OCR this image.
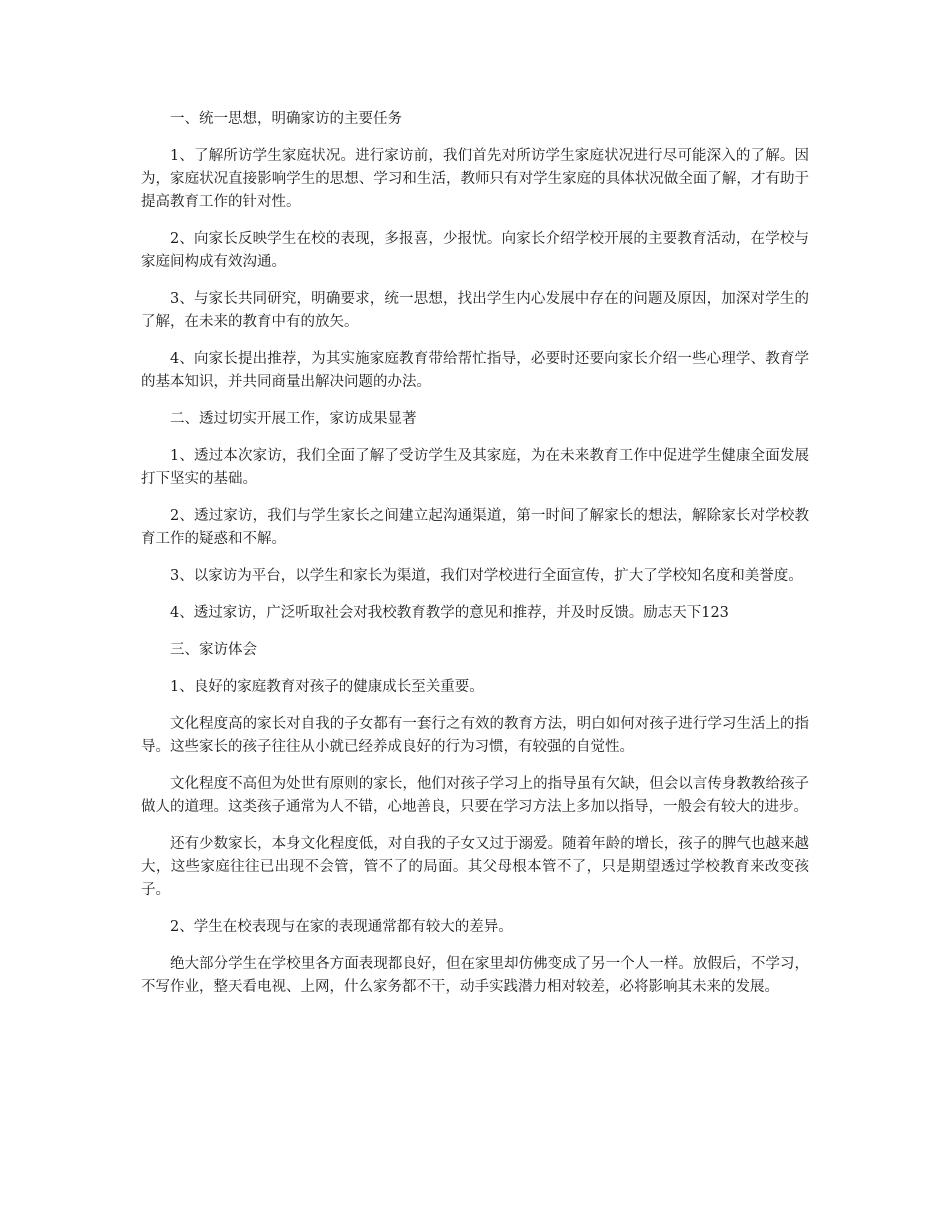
一、统一思想，明确家访的主要任务

1、了解所访学生家庭状况。进行家访前，我们首先对所访学生家庭状况进行尽可能深入的了解。因为，家庭状况直接影响学生的思想、学习和生活，教师只有对学生家庭的具体状况做全面了解，才有助于提高教育工作的针对性。

2、向家长反映学生在校的表现，多报喜，少报忧。向家长介绍学校开展的主要教育活动，在学校与家庭间构成有效沟通。

3、与家长共同研究，明确要求，统一思想，找出学生内心发展中存在的问题及原因，加深对学生的了解，在未来的教育中有的放矢。

4、向家长提出推荐，为其实施家庭教育带给帮忙指导，必要时还要向家长介绍一些心理学、教育学的基本知识，并共同商量出解决问题的办法。

二、透过切实开展工作，家访成果显著

1、透过本次家访，我们全面了解了受访学生及其家庭，为在未来教育工作中促进学生健康全面发展打下坚实的基础。

2、透过家访，我们与学生家长之间建立起沟通渠道，第一时间了解家长的想法，解除家长对学校教育工作的疑惑和不解。

3、以家访为平台，以学生和家长为渠道，我们对学校进行全面宣传，扩大了学校知名度和美誉度。

4、透过家访，广泛听取社会对我校教育教学的意见和推荐，并及时反馈。励志天下123

三、家访体会

1、良好的家庭教育对孩子的健康成长至关重要。

文化程度高的家长对自我的子女都有一套行之有效的教育方法，明白如何对孩子进行学习生活上的指导。这些家长的孩子往往从小就已经养成良好的行为习惯，有较强的自觉性。

文化程度不高但为处世有原则的家长，他们对孩子学习上的指导虽有欠缺，但会以言传身教教给孩子做人的道理。这类孩子通常为人不错，心地善良，只要在学习方法上多加以指导，一般会有较大的进步。

还有少数家长，本身文化程度低，对自我的子女又过于溺爱。随着年龄的增长，孩子的脾气也越来越大，这些家庭往往已出现不会管，管不了的局面。其父母根本管不了，只是期望透过学校教育来改变孩子。

2、学生在校表现与在家的表现通常都有较大的差异。

绝大部分学生在学校里各方面表现都良好，但在家里却仿佛变成了另一个人一样。放假后，不学习，不写作业，整天看电视、上网，什么家务都不干，动手实践潜力相对较差，必将影响其未来的发展。
